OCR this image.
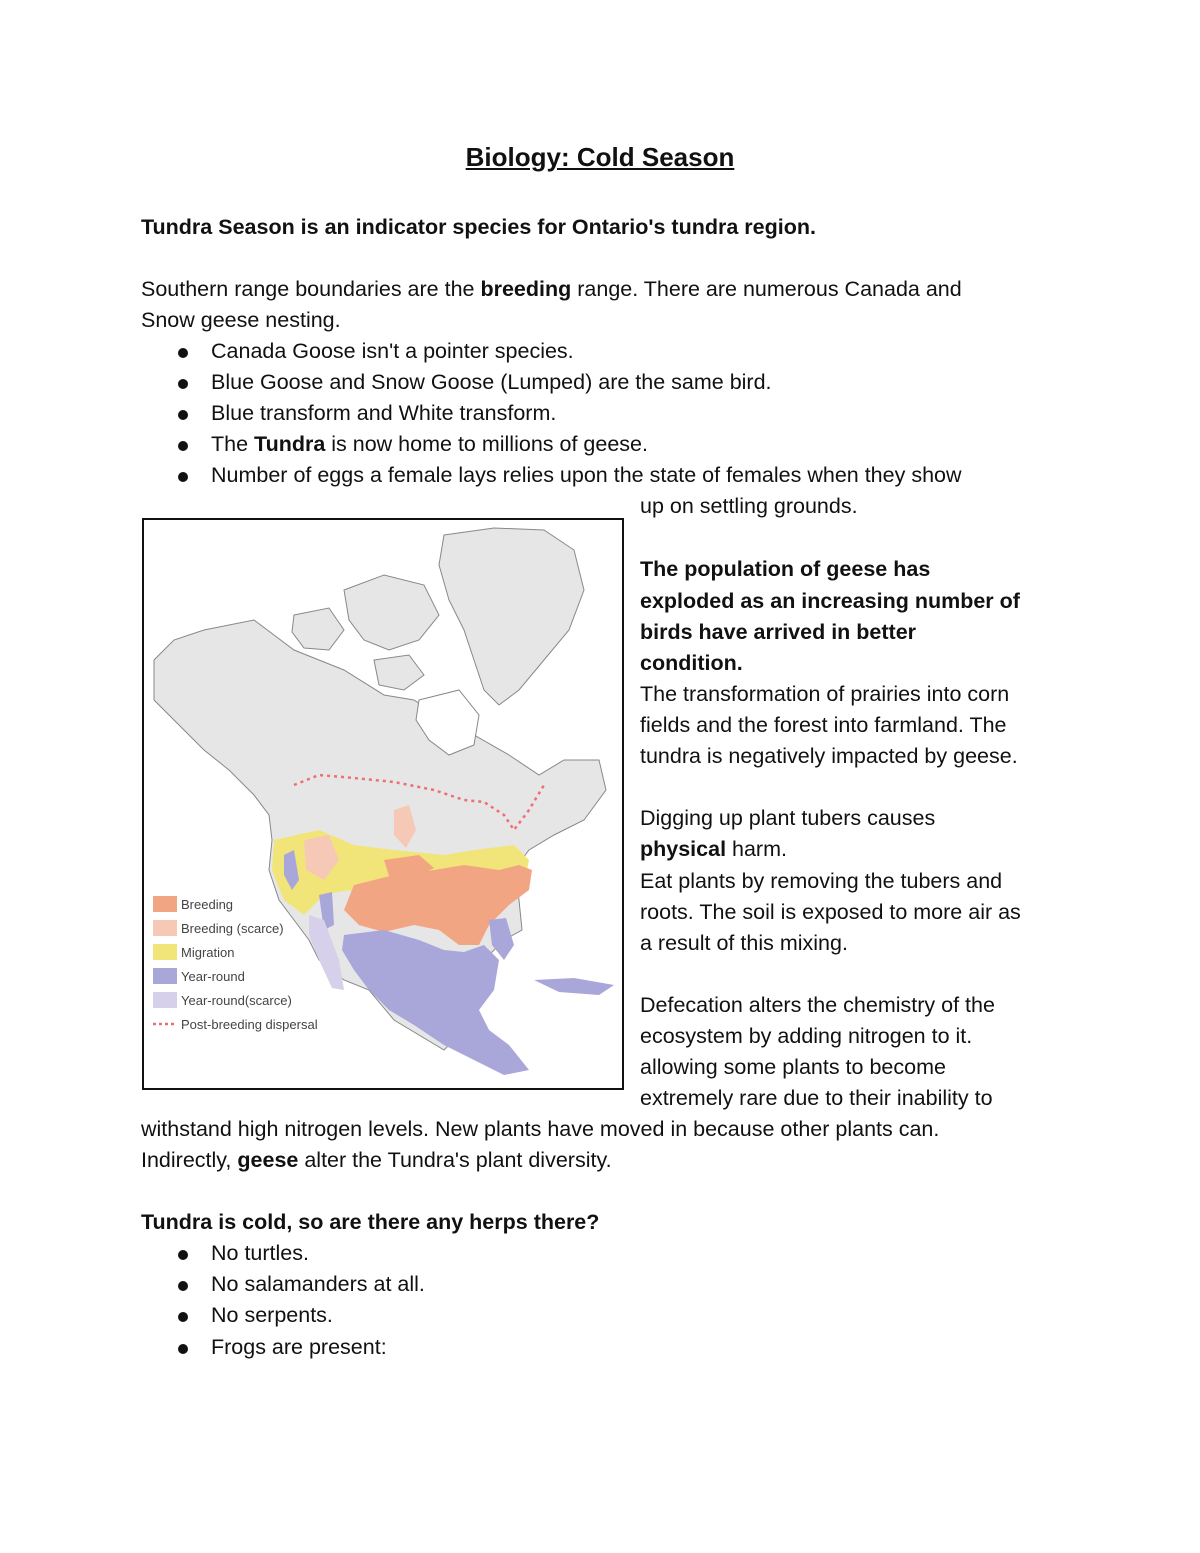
Biology: Cold Season
Tundra Season is an indicator species for Ontario's tundra region.
Southern range boundaries are the breeding range. There are numerous Canada and
Snow geese nesting.
Canada Goose isn't a pointer species.
Blue Goose and Snow Goose (Lumped) are the same bird.
Blue transform and White transform.
The Tundra is now home to millions of geese.
Number of eggs a female lays relies upon the state of females when they show
up on settling grounds.
Breeding
Breeding (scarce)
Migration
Year-round
Year-round(scarce)
Post-breeding dispersal
The population of geese has
exploded as an increasing number of
birds have arrived in better
condition.
The transformation of prairies into corn
fields and the forest into farmland. The
tundra is negatively impacted by geese.
Digging up plant tubers causes
physical harm.
Eat plants by removing the tubers and
roots. The soil is exposed to more air as
a result of this mixing.
Defecation alters the chemistry of the
ecosystem by adding nitrogen to it.
allowing some plants to become
extremely rare due to their inability to
withstand high nitrogen levels. New plants have moved in because other plants can.
Indirectly, geese alter the Tundra's plant diversity.
Tundra is cold, so are there any herps there?
No turtles.
No salamanders at all.
No serpents.
Frogs are present:
